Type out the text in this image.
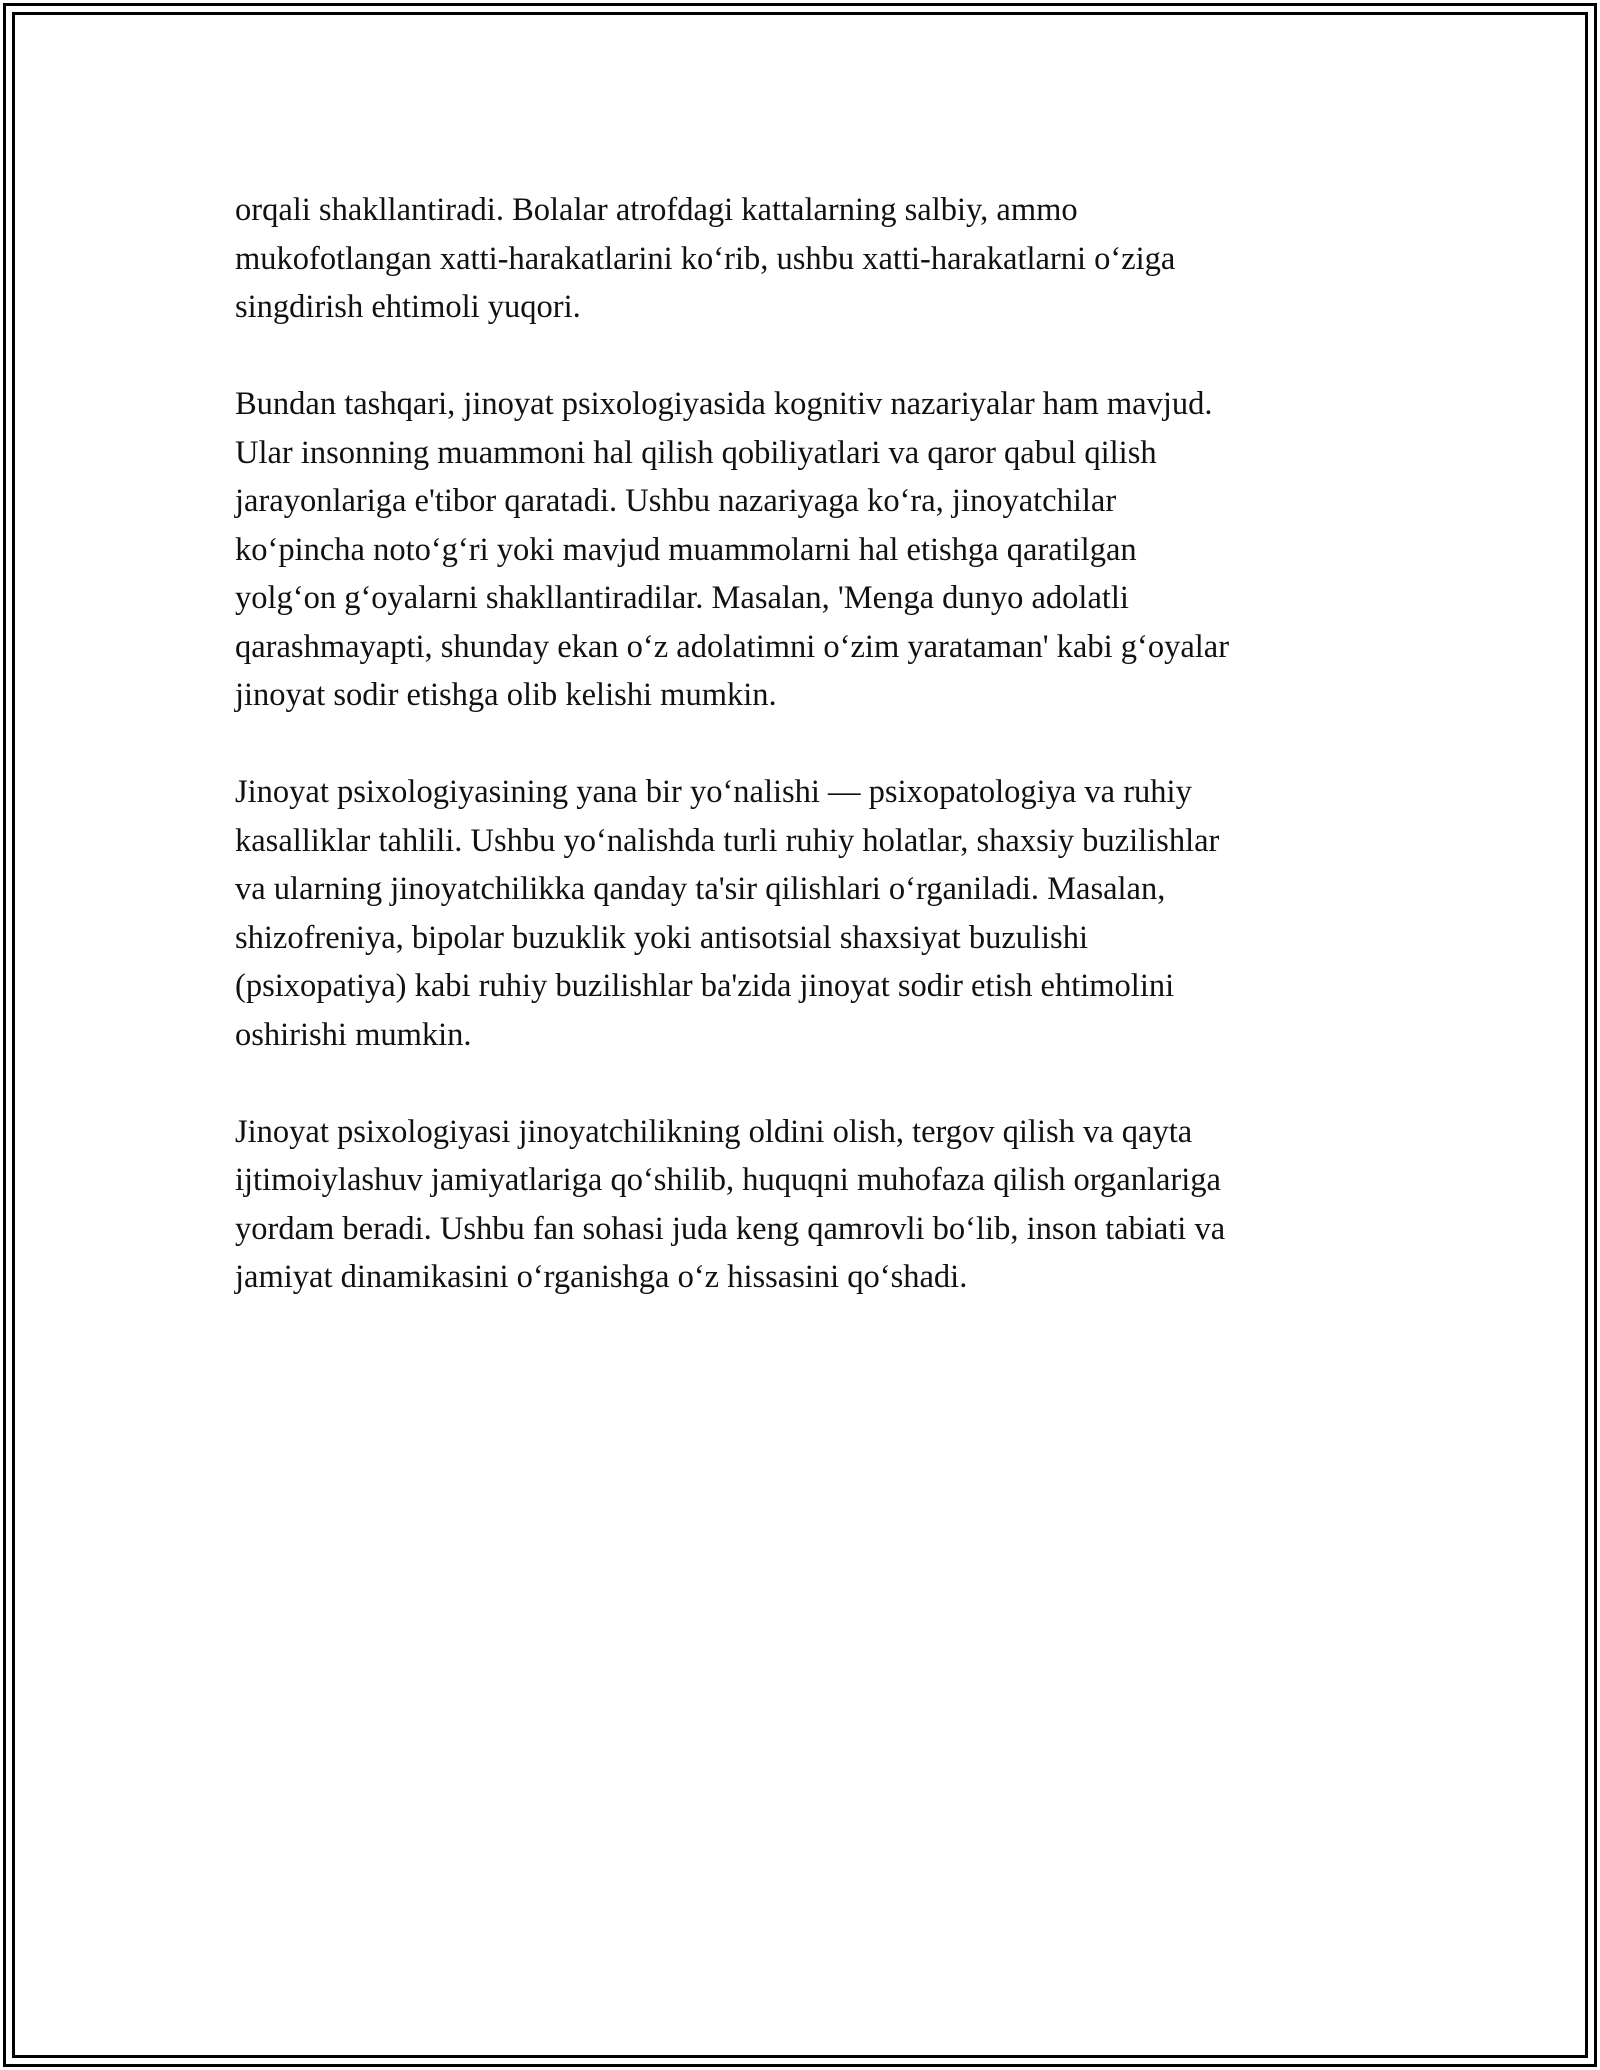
orqali shakllantiradi. Bolalar atrofdagi kattalarning salbiy, ammo
mukofotlangan xatti-harakatlarini ko‘rib, ushbu xatti-harakatlarni o‘ziga
singdirish ehtimoli yuqori.

Bundan tashqari, jinoyat psixologiyasida kognitiv nazariyalar ham mavjud.
Ular insonning muammoni hal qilish qobiliyatlari va qaror qabul qilish
jarayonlariga e'tibor qaratadi. Ushbu nazariyaga ko‘ra, jinoyatchilar
ko‘pincha noto‘g‘ri yoki mavjud muammolarni hal etishga qaratilgan
yolg‘on g‘oyalarni shakllantiradilar. Masalan, 'Menga dunyo adolatli
qarashmayapti, shunday ekan o‘z adolatimni o‘zim yarataman' kabi g‘oyalar
jinoyat sodir etishga olib kelishi mumkin.

Jinoyat psixologiyasining yana bir yo‘nalishi — psixopatologiya va ruhiy
kasalliklar tahlili. Ushbu yo‘nalishda turli ruhiy holatlar, shaxsiy buzilishlar
va ularning jinoyatchilikka qanday ta'sir qilishlari o‘rganiladi. Masalan,
shizofreniya, bipolar buzuklik yoki antisotsial shaxsiyat buzulishi
(psixopatiya) kabi ruhiy buzilishlar ba'zida jinoyat sodir etish ehtimolini
oshirishi mumkin.

Jinoyat psixologiyasi jinoyatchilikning oldini olish, tergov qilish va qayta
ijtimoiylashuv jamiyatlariga qo‘shilib, huquqni muhofaza qilish organlariga
yordam beradi. Ushbu fan sohasi juda keng qamrovli bo‘lib, inson tabiati va
jamiyat dinamikasini o‘rganishga o‘z hissasini qo‘shadi.
